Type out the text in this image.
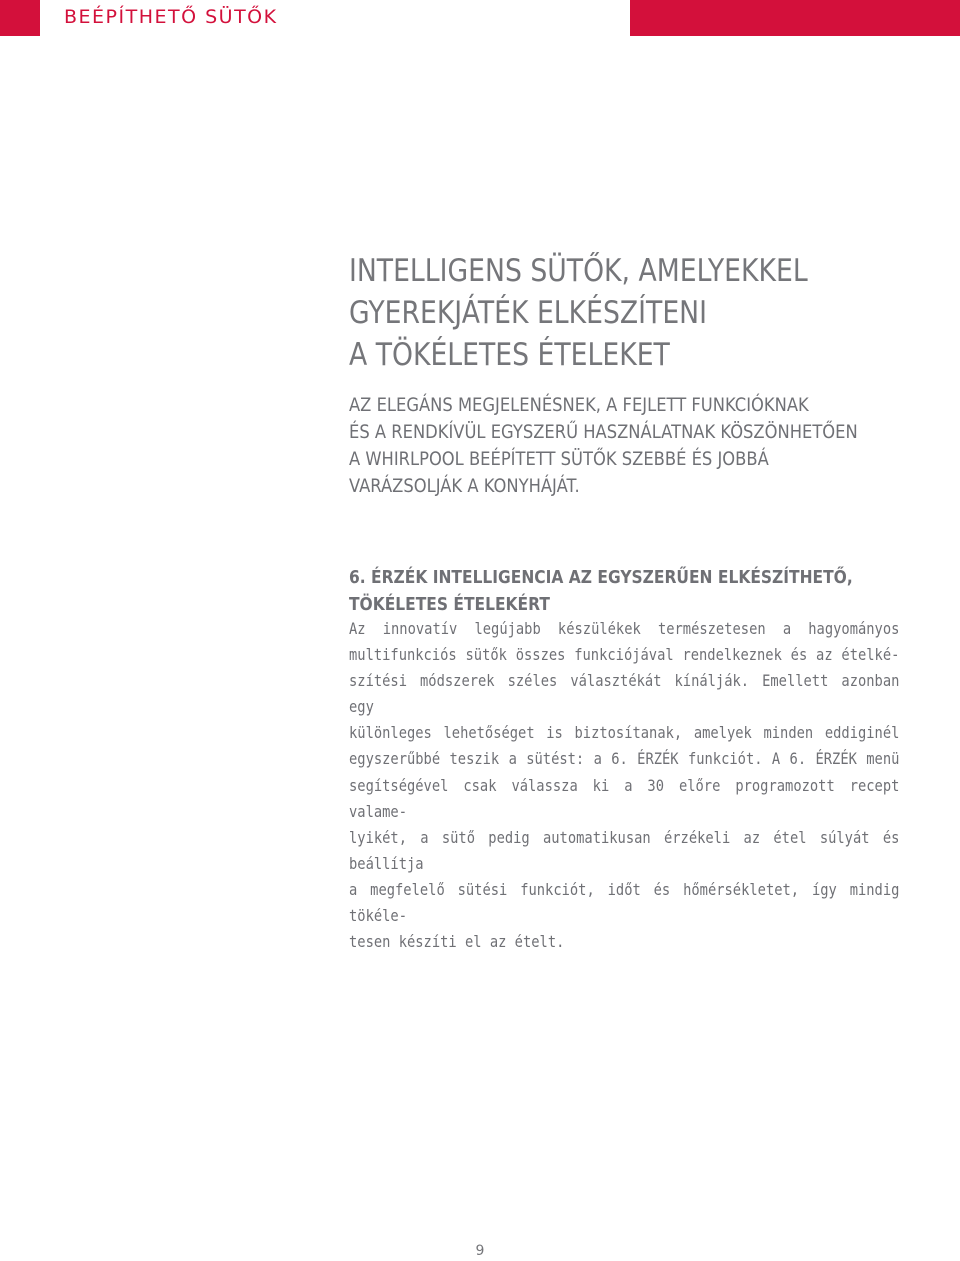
BEÉPÍTHETŐ SÜTŐK
INTELLIGENS SÜTŐK, AMELYEKKEL
GYEREKJÁTÉK ELKÉSZÍTENI
A TÖKÉLETES ÉTELEKET
AZ ELEGÁNS MEGJELENÉSNEK, A FEJLETT FUNKCIÓKNAK
ÉS A RENDKÍVÜL EGYSZERŰ HASZNÁLATNAK KÖSZÖNHETŐEN
A WHIRLPOOL BEÉPÍTETT SÜTŐK SZEBBÉ ÉS JOBBÁ
VARÁZSOLJÁK A KONYHÁJÁT.
6. ÉRZÉK INTELLIGENCIA AZ EGYSZERŰEN ELKÉSZÍTHETŐ,
TÖKÉLETES ÉTELEKÉRT
Az innovatív legújabb készülékek természetesen a hagyományos
multifunkciós sütők összes funkciójával rendelkeznek és az ételké-
szítési módszerek széles választékát kínálják. Emellett azonban egy
különleges lehetőséget is biztosítanak, amelyek minden eddiginél
egyszerűbbé teszik a sütést: a 6. ÉRZÉK funkciót. A 6. ÉRZÉK menü
segítségével csak válassza ki a 30 előre programozott recept valame-
lyikét, a sütő pedig automatikusan érzékeli az étel súlyát és beállítja
a megfelelő sütési funkciót, időt és hőmérsékletet, így mindig tökéle-
tesen készíti el az ételt.
9
